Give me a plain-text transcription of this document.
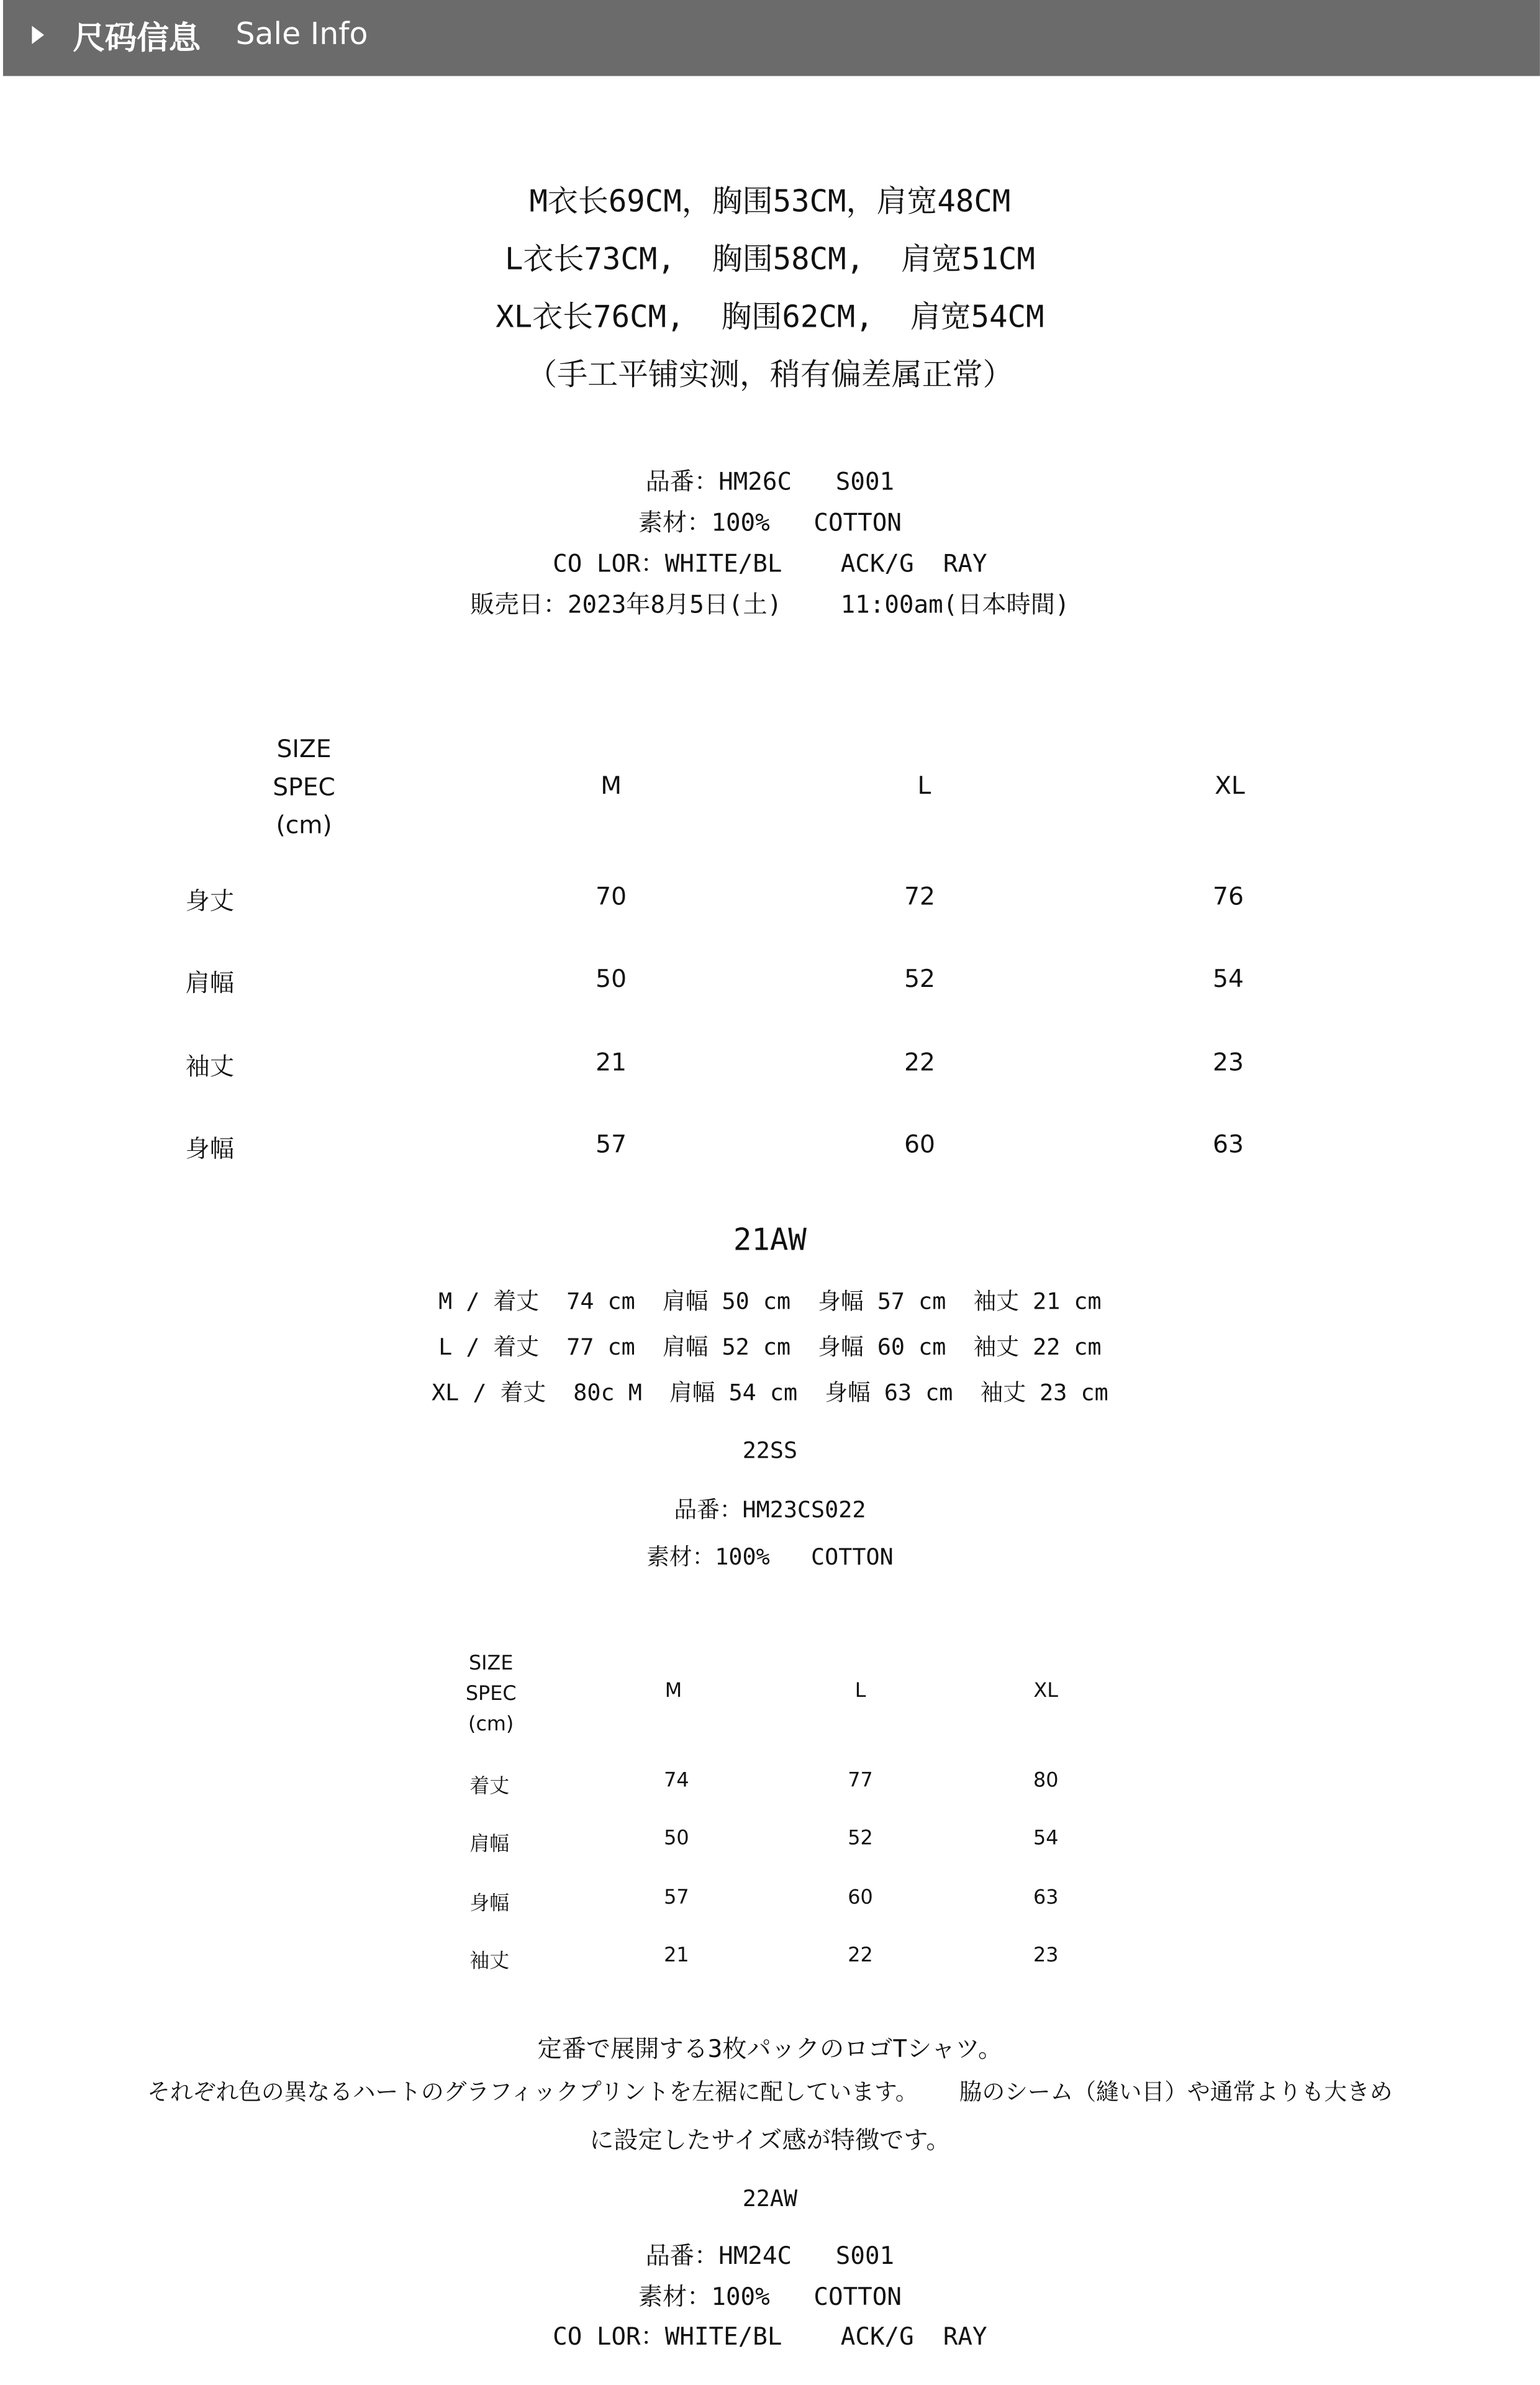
尺码信息	Sale Info
M衣长69CM，胸围53CM，肩宽48CM
L衣长73CM,  胸围58CM,  肩宽51CM
XL衣长76CM,  胸围62CM,  肩宽54CM
（手工平铺实测，稍有偏差属正常）
品番：HM26C   S001
素材：100%   COTTON
CO LOR：WHITE/BL    ACK/G  RAY
販売日：2023年8月5日(土)    11:00am(日本時間)
SIZE
SPEC
(cm)
M	L	XL
身丈	70	72	76
肩幅	50	52	54
袖丈	21	22	23
身幅	57	60	63
21AW
M / 着丈  74 cm  肩幅 50 cm  身幅 57 cm  袖丈 21 cm
L / 着丈  77 cm  肩幅 52 cm  身幅 60 cm  袖丈 22 cm
XL / 着丈  80c M  肩幅 54 cm  身幅 63 cm  袖丈 23 cm
22SS
品番：HM23CS022
素材：100%   COTTON
SIZE
SPEC
(cm)
M	L	XL
着丈	74	77	80
肩幅	50	52	54
身幅	57	60	63
袖丈	21	22	23
定番で展開する3枚パックのロゴTシャツ。
それぞれ色の異なるハートのグラフィックプリントを左裾に配しています。   脇のシーム（縫い目）や通常よりも大きめ
に設定したサイズ感が特徴です。
22AW
品番：HM24C   S001
素材：100%   COTTON
CO LOR：WHITE/BL    ACK/G  RAY
